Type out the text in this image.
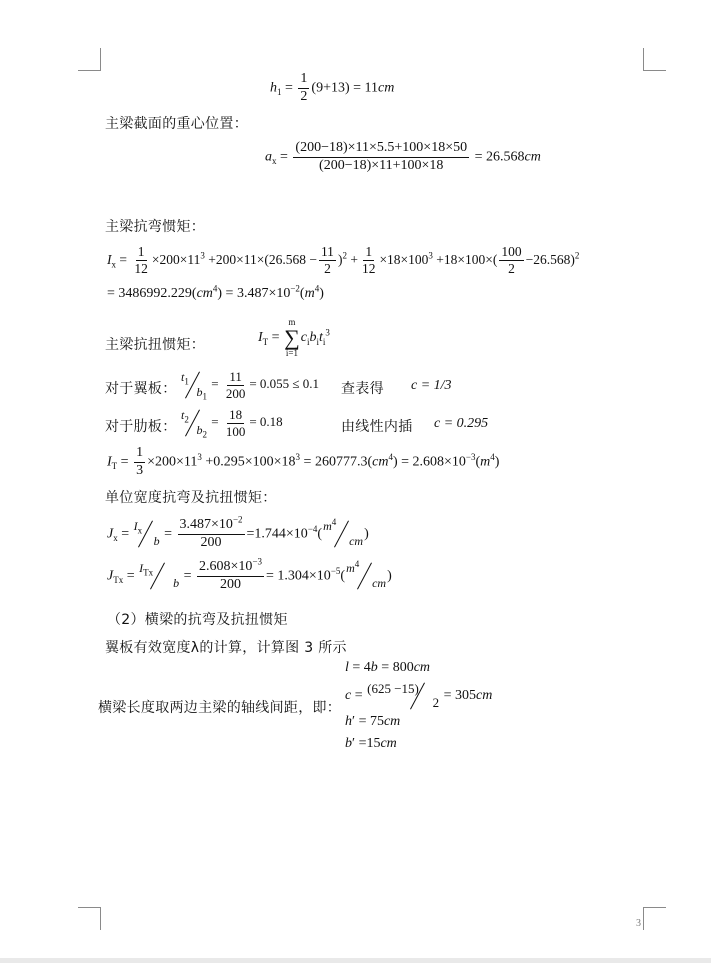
3
$h_1 = \frac{1}{2} (9+13) = 11cm$
主梁截面的重心位置：
$a_x = \frac{(200-18)\times 11\times 5.5+100\times 18\times 50}{(200-18)\times 11+100\times 18} = 26.568cm$
主梁抗弯惯矩：
$I_x = \frac{1}{12} \times 200\times 11^3 +200\times 11\times(26.568 - \frac{11}{2} )^2 + \frac{1}{12} \times 18\times 100^3 +18\times 100\times( \frac{100}{2} -26.568)^2$
= $3486992.229(cm^4) = 3.487\times 10^{-2}(m^4)$
主梁抗扭惯矩：	$I_T$ =
m
∑
i=1
$c_ib_it_i^3$
对于翼板：
$t_1$
$b_1$
= $\frac{11}{200} = 0.055 \le 0.1$ 查表得 c = 1/3
对于肋板：
$t_2$
$b_2$
= $\frac{18}{100} = 0.18$	由线性内插 c = 0.295
$I_T = \frac{1}{3} \times 200\times 11^3 +0.295\times 100\times 18^3 = 260777.3(cm^4) = 2.608\times 10^{-3}(m^4)$
单位宽度抗弯及抗扭惯矩：
$J_x$ =
$I_x$
$b = \frac{3.487\times 10^{-2}}{200} =1.744\times 10^{-4}$(
$m^4$
cm )
$J_{Tx}$ =
$I_{Tx}$
$b = \frac{2.608\times 10^{-3}}{200} = 1.304\times 10^{-5}$(
$m^4$
cm )
（2）横梁的抗弯及抗扭惯矩
翼板有效宽度λ的计算，计算图 3 所示
l = 4b = 800cm
c = (625 −15)
2 = 305cm
横梁长度取两边主梁的轴线间距，即：
h′ = 75cm
b′ =15cm
